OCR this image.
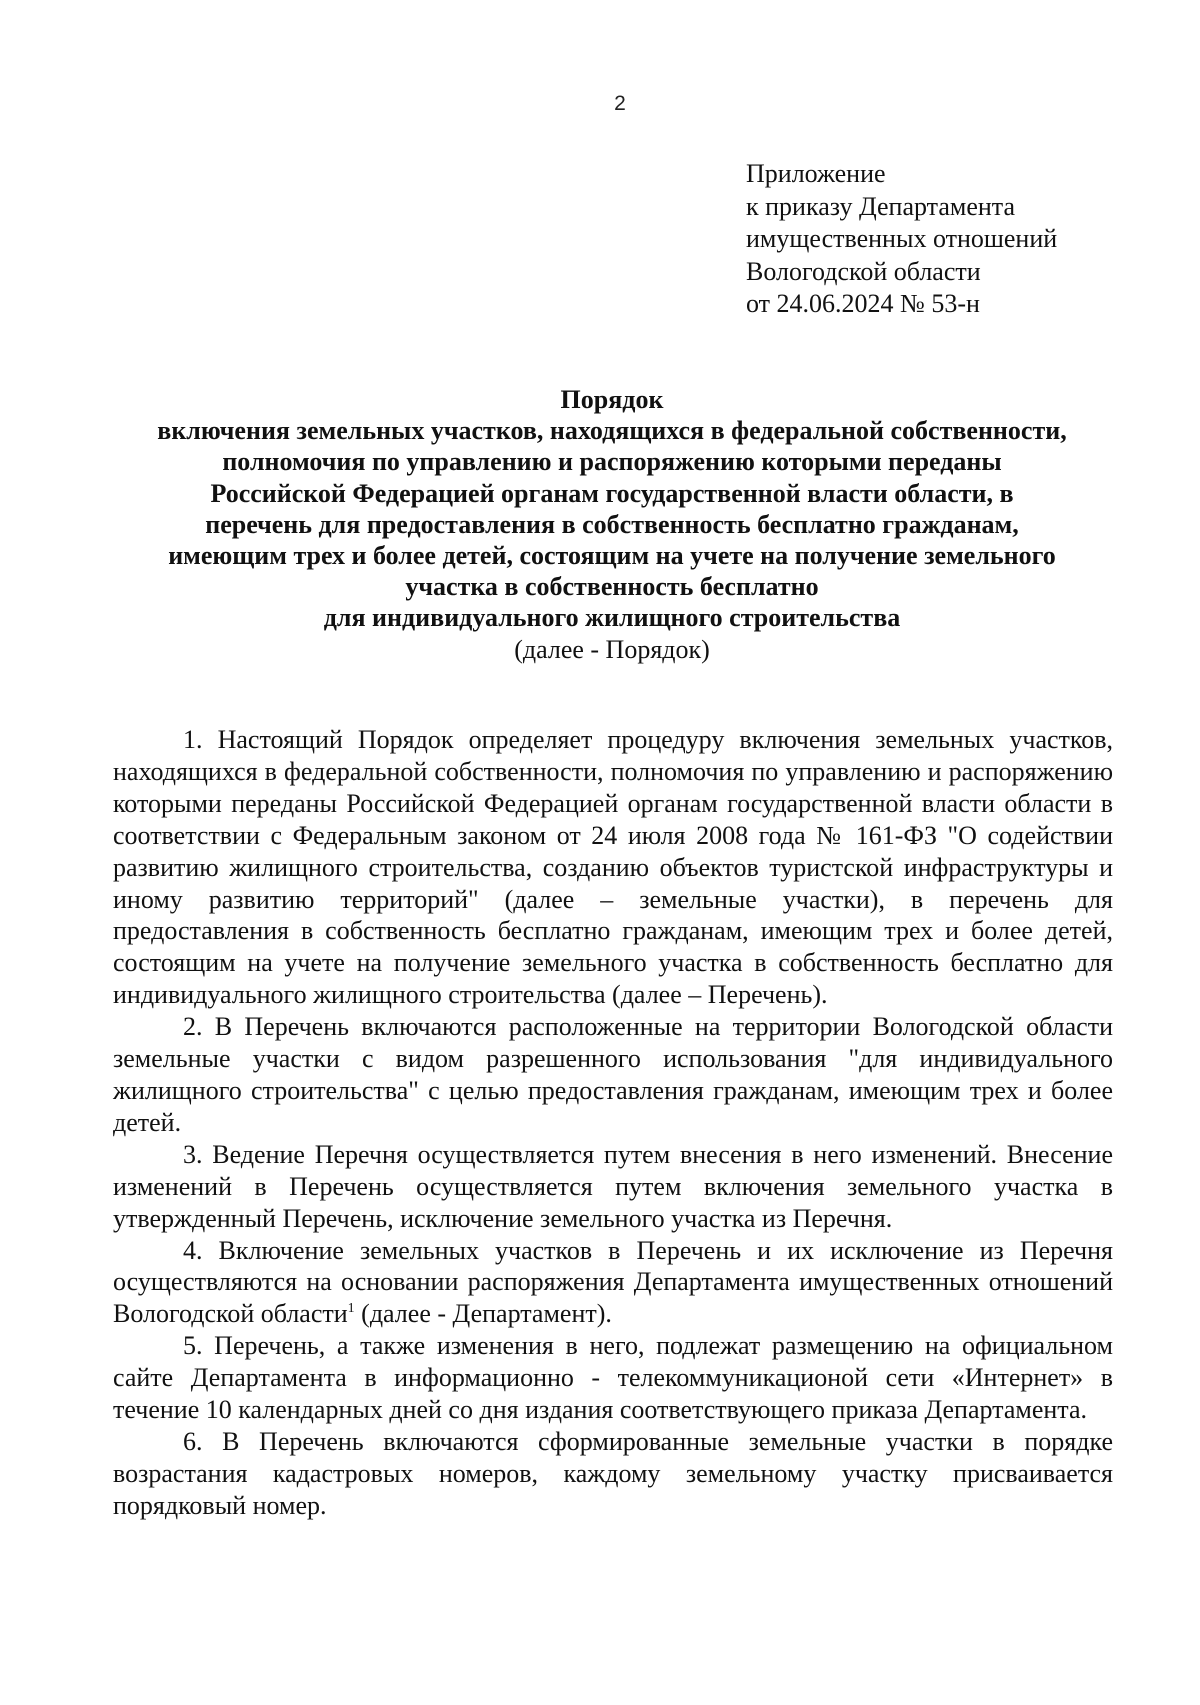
2
Приложение
к приказу Департамента
имущественных отношений
Вологодской области
от 24.06.2024 № 53-н
Порядок
включения земельных участков, находящихся в федеральной собственности,
полномочия по управлению и распоряжению которыми переданы
Российской Федерацией органам государственной власти области, в
перечень для предоставления в собственность бесплатно гражданам,
имеющим трех и более детей, состоящим на учете на получение земельного
участка в собственность бесплатно
для индивидуального жилищного строительства
(далее - Порядок)

1. Настоящий Порядок определяет процедуру включения земельных участков, находящихся в федеральной собственности, полномочия по управлению и распоряжению которыми переданы Российской Федерацией органам государственной власти области в соответствии с Федеральным законом от 24 июля 2008 года № 161-ФЗ "О содействии развитию жилищного строительства, созданию объектов туристской инфраструктуры и иному развитию территорий" (далее – земельные участки), в перечень для предоставления в собственность бесплатно гражданам, имеющим трех и более детей, состоящим на учете на получение земельного участка в собственность бесплатно для индивидуального жилищного строительства (далее – Перечень).

2. В Перечень включаются расположенные на территории Вологодской области земельные участки с видом разрешенного использования "для индивидуального жилищного строительства" с целью предоставления гражданам, имеющим трех и более детей.

3. Ведение Перечня осуществляется путем внесения в него изменений. Внесение изменений в Перечень осуществляется путем включения земельного участка в утвержденный Перечень, исключение земельного участка из Перечня.

4. Включение земельных участков в Перечень и их исключение из Перечня осуществляются на основании распоряжения Департамента имущественных отношений Вологодской области$^1$ (далее - Департамент).

5. Перечень, а также изменения в него, подлежат размещению на официальном сайте Департамента в информационно - телекоммуникационой сети «Интернет» в течение 10 календарных дней со дня издания соответствующего приказа Департамента.

6. В Перечень включаются сформированные земельные участки в порядке возрастания кадастровых номеров, каждому земельному участку присваивается порядковый номер.
